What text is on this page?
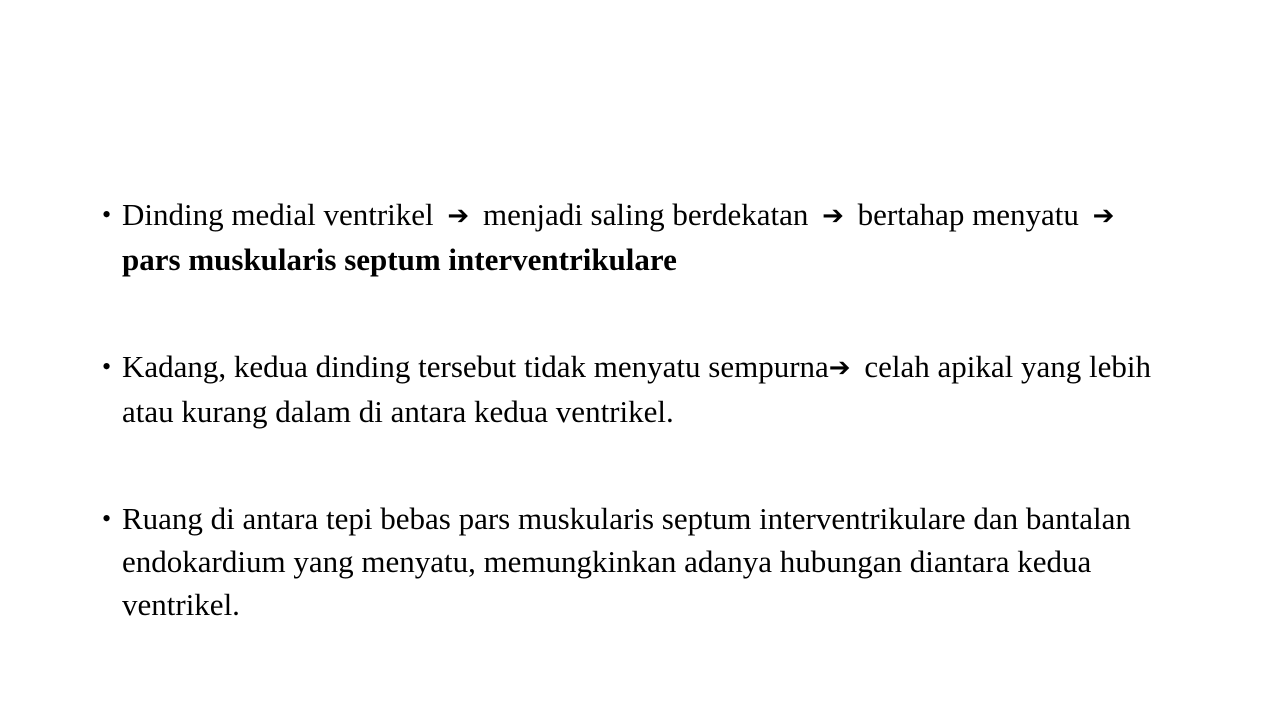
• Dinding medial ventrikel ➔ menjadi saling berdekatan ➔ bertahap menyatu ➔ pars muskularis septum interventrikulare
• Kadang, kedua dinding tersebut tidak menyatu sempurna➔ celah apikal yang lebih atau kurang dalam di antara kedua ventrikel.
• Ruang di antara tepi bebas pars muskularis septum interventrikulare dan bantalan endokardium yang menyatu, memungkinkan adanya hubungan diantara kedua ventrikel.
